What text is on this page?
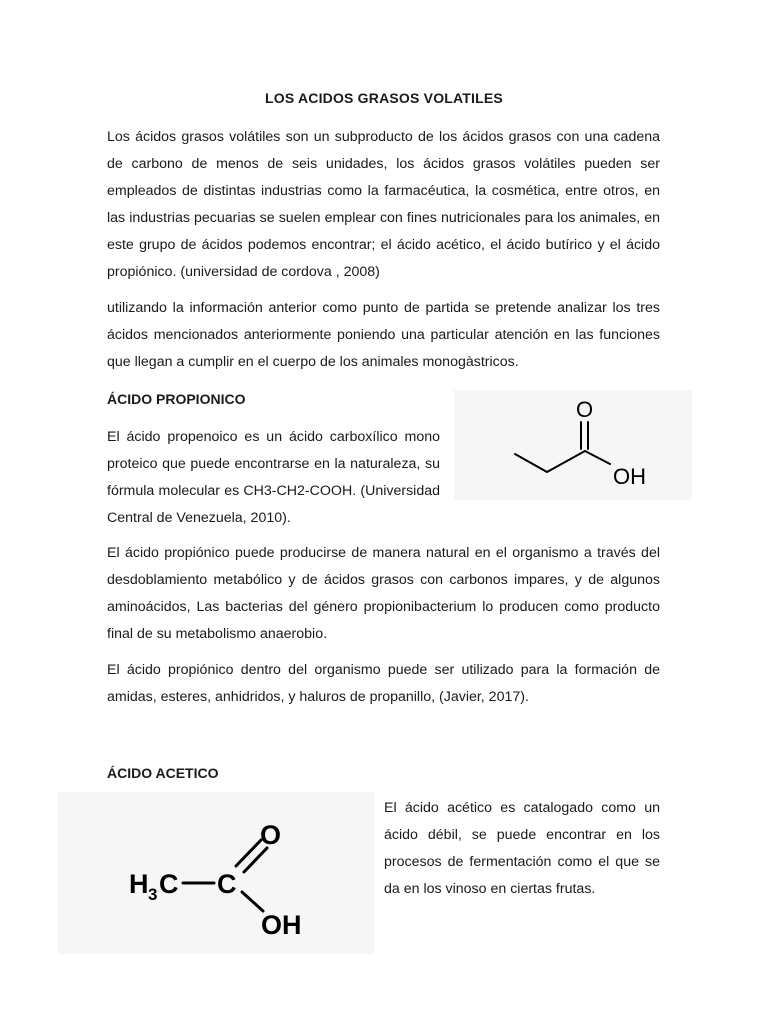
LOS ACIDOS GRASOS VOLATILES

Los ácidos grasos volátiles son un subproducto de los ácidos grasos con una cadena de carbono de menos de seis unidades, los ácidos grasos volátiles pueden ser empleados de distintas industrias como la farmacéutica, la cosmética, entre otros, en las industrias pecuarias se suelen emplear con fines nutricionales para los animales, en este grupo de ácidos podemos encontrar; el ácido acético, el ácido butírico y el ácido propiónico. (universidad de cordova , 2008)

utilizando la información anterior como punto de partida se pretende analizar los tres ácidos mencionados anteriormente poniendo una particular atención en las funciones que llegan a cumplir en el cuerpo de los animales monogàstricos.

ÁCIDO PROPIONICO

El ácido propenoico es un ácido carboxílico mono proteico que puede encontrarse en la naturaleza, su fórmula molecular es CH3-CH2-COOH. (Universidad Central de Venezuela, 2010).

O
OH

El ácido propiónico puede producirse de manera natural en el organismo a través del desdoblamiento metabólico y de ácidos grasos con carbonos impares, y de algunos aminoácidos, Las bacterias del género propionibacterium lo producen como producto final de su metabolismo anaerobio.

El ácido propiónico dentro del organismo puede ser utilizado para la formación de amidas, esteres, anhidridos, y haluros de propanillo, (Javier, 2017).

ÁCIDO ACETICO
H 3 C C
O
OH

El ácido acético es catalogado como un ácido débil, se puede encontrar en los procesos de fermentación como el que se da en los vinoso en ciertas frutas.
